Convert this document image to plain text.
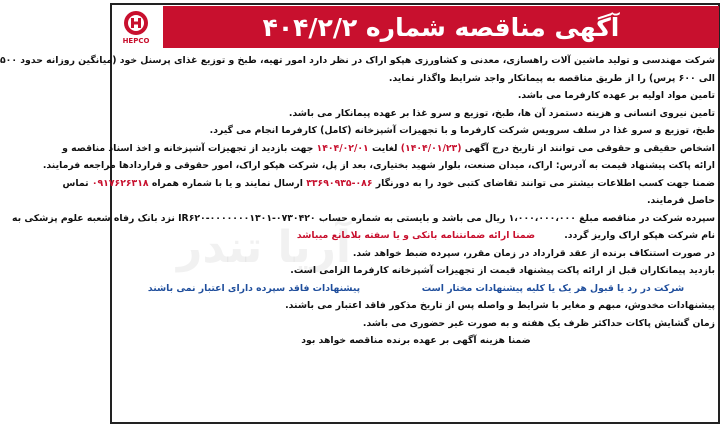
HEPCO	آگهی مناقصه شماره ۴۰۴/۲/۲
آریا تندر
شرکت مهندسی و تولید ماشین آلات راهسازی، معدنی و کشاورزی هپکو اراک در نظر دارد امور تهیه، طبخ و توزیع غذای پرسنل خود (میانگین روزانه حدود ۵۰۰
الی ۶۰۰ پرس) را از طریق مناقصه به پیمانکار واجد شرایط واگذار نماید.
تامین مواد اولیه بر عهده کارفرما می باشد.
تامین نیروی انسانی و هزینه دستمزد آن ها، طبخ، توزیع و سرو غذا بر عهده پیمانکار می باشد.
طبخ، توزیع و سرو غذا در سلف سرویس شرکت کارفرما و با تجهیزات آشپزخانه (کامل) کارفرما انجام می گیرد.
اشخاص حقیقی و حقوقی می توانند از تاریخ درج آگهی (۱۴۰۴/۰۱/۲۳) لغایت ۱۴۰۴/۰۲/۰۱ جهت بازدید از تجهیزات آشپزخانه و اخذ اسناد مناقصه و
ارائه پاکت پیشنهاد قیمت به آدرس: اراک، میدان صنعت، بلوار شهید بختیاری، بعد از پل، شرکت هپکو اراک، امور حقوقی و قراردادها مراجعه فرمایند.
ضمنا جهت کسب اطلاعات بیشتر می توانند تقاضای کتبی خود را به دورنگار ۰۸۶-۳۳۶۹۰۹۳۵ ارسال نمایند و یا با شماره همراه ۰۹۱۷۶۲۶۳۱۸ تماس
حاصل فرمایند.
سپرده شرکت در مناقصه مبلغ ۱،۰۰۰،۰۰۰،۰۰۰ ریال می باشد و بایستی به شماره حساب ۰۷۳۰۴۲۰-۰۰۰۰۰۰۰۱۳۰۱-IR۶۲۰ نزد بانک رفاه شعبه علوم پزشکی به
نام شرکت هپکو اراک واریز گردد.         ضمنا ارائه ضمانتنامه بانکی و یا سفته بلامانع میباشد
در صورت استنکاف برنده از عقد قرارداد در زمان مقرر، سپرده ضبط خواهد شد.
بازدید پیمانکاران قبل از ارائه پاکت پیشنهاد قیمت از تجهیزات آشپزخانه کارفرما الزامی است.
شرکت در رد یا قبول هر یک یا کلیه پیشنهادات مختار است
پیشنهادات فاقد سپرده دارای اعتبار نمی باشند
پیشنهادات مخدوش، مبهم و مغایر با شرایط و واصله پس از تاریخ مذکور فاقد اعتبار می باشند.
زمان گشایش پاکات حداکثر ظرف یک هفته و به صورت غیر حضوری می باشد.
ضمنا هزینه آگهی بر عهده برنده مناقصه خواهد بود
